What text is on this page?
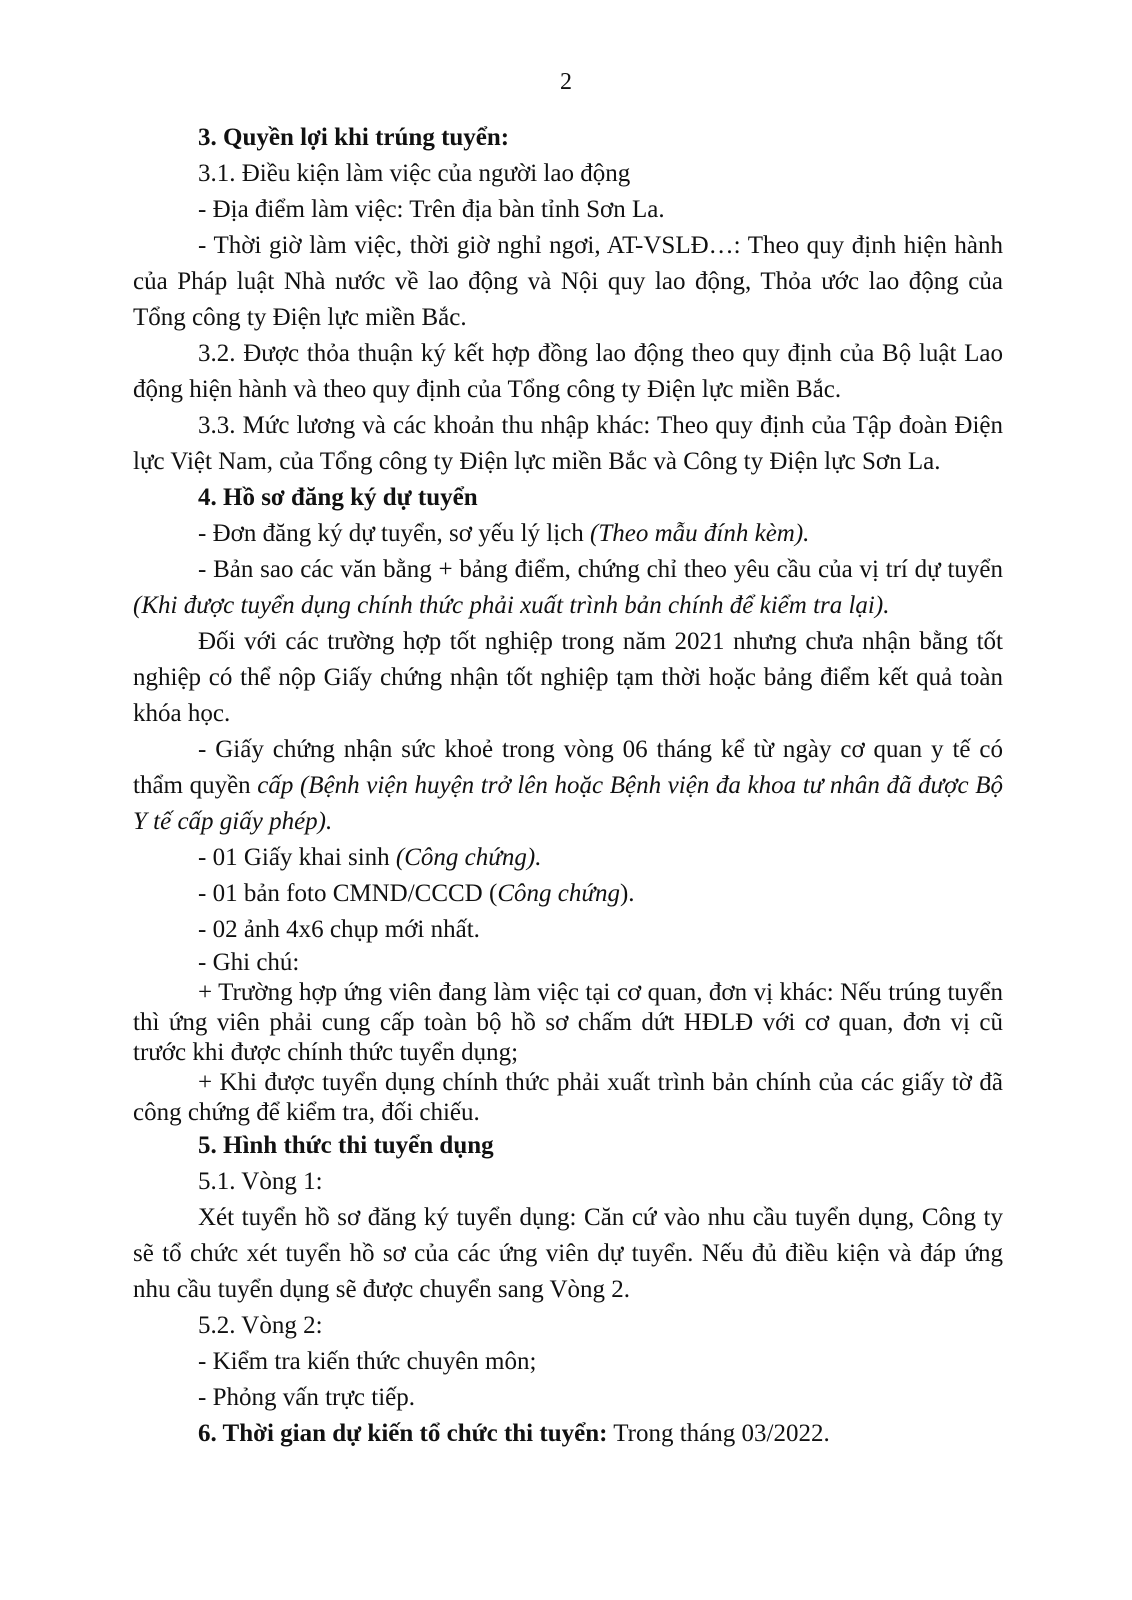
2

3. Quyền lợi khi trúng tuyển:

3.1. Điều kiện làm việc của người lao động

- Địa điểm làm việc: Trên địa bàn tỉnh Sơn La.

- Thời giờ làm việc, thời giờ nghỉ ngơi, AT-VSLĐ…: Theo quy định hiện hành của Pháp luật Nhà nước về lao động và Nội quy lao động, Thỏa ước lao động của Tổng công ty Điện lực miền Bắc.

3.2. Được thỏa thuận ký kết hợp đồng lao động theo quy định của Bộ luật Lao động hiện hành và theo quy định của Tổng công ty Điện lực miền Bắc.

3.3. Mức lương và các khoản thu nhập khác: Theo quy định của Tập đoàn Điện lực Việt Nam, của Tổng công ty Điện lực miền Bắc và Công ty Điện lực Sơn La.

4. Hồ sơ đăng ký dự tuyển

- Đơn đăng ký dự tuyển, sơ yếu lý lịch (Theo mẫu đính kèm).

- Bản sao các văn bằng + bảng điểm, chứng chỉ theo yêu cầu của vị trí dự tuyển (Khi được tuyển dụng chính thức phải xuất trình bản chính để kiểm tra lại).

Đối với các trường hợp tốt nghiệp trong năm 2021 nhưng chưa nhận bằng tốt nghiệp có thể nộp Giấy chứng nhận tốt nghiệp tạm thời hoặc bảng điểm kết quả toàn khóa học.

- Giấy chứng nhận sức khoẻ trong vòng 06 tháng kể từ ngày cơ quan y tế có thẩm quyền cấp (Bệnh viện huyện trở lên hoặc Bệnh viện đa khoa tư nhân đã được Bộ Y tế cấp giấy phép).

- 01 Giấy khai sinh (Công chứng).

- 01 bản foto CMND/CCCD (Công chứng).

- 02 ảnh 4x6 chụp mới nhất.

- Ghi chú:

+ Trường hợp ứng viên đang làm việc tại cơ quan, đơn vị khác: Nếu trúng tuyển thì ứng viên phải cung cấp toàn bộ hồ sơ chấm dứt HĐLĐ với cơ quan, đơn vị cũ trước khi được chính thức tuyển dụng;

+ Khi được tuyển dụng chính thức phải xuất trình bản chính của các giấy tờ đã công chứng để kiểm tra, đối chiếu.

5. Hình thức thi tuyển dụng

5.1. Vòng 1:

Xét tuyển hồ sơ đăng ký tuyển dụng: Căn cứ vào nhu cầu tuyển dụng, Công ty sẽ tổ chức xét tuyển hồ sơ của các ứng viên dự tuyển. Nếu đủ điều kiện và đáp ứng nhu cầu tuyển dụng sẽ được chuyển sang Vòng 2.

5.2. Vòng 2:

- Kiểm tra kiến thức chuyên môn;

- Phỏng vấn trực tiếp.

6. Thời gian dự kiến tổ chức thi tuyển: Trong tháng 03/2022.
